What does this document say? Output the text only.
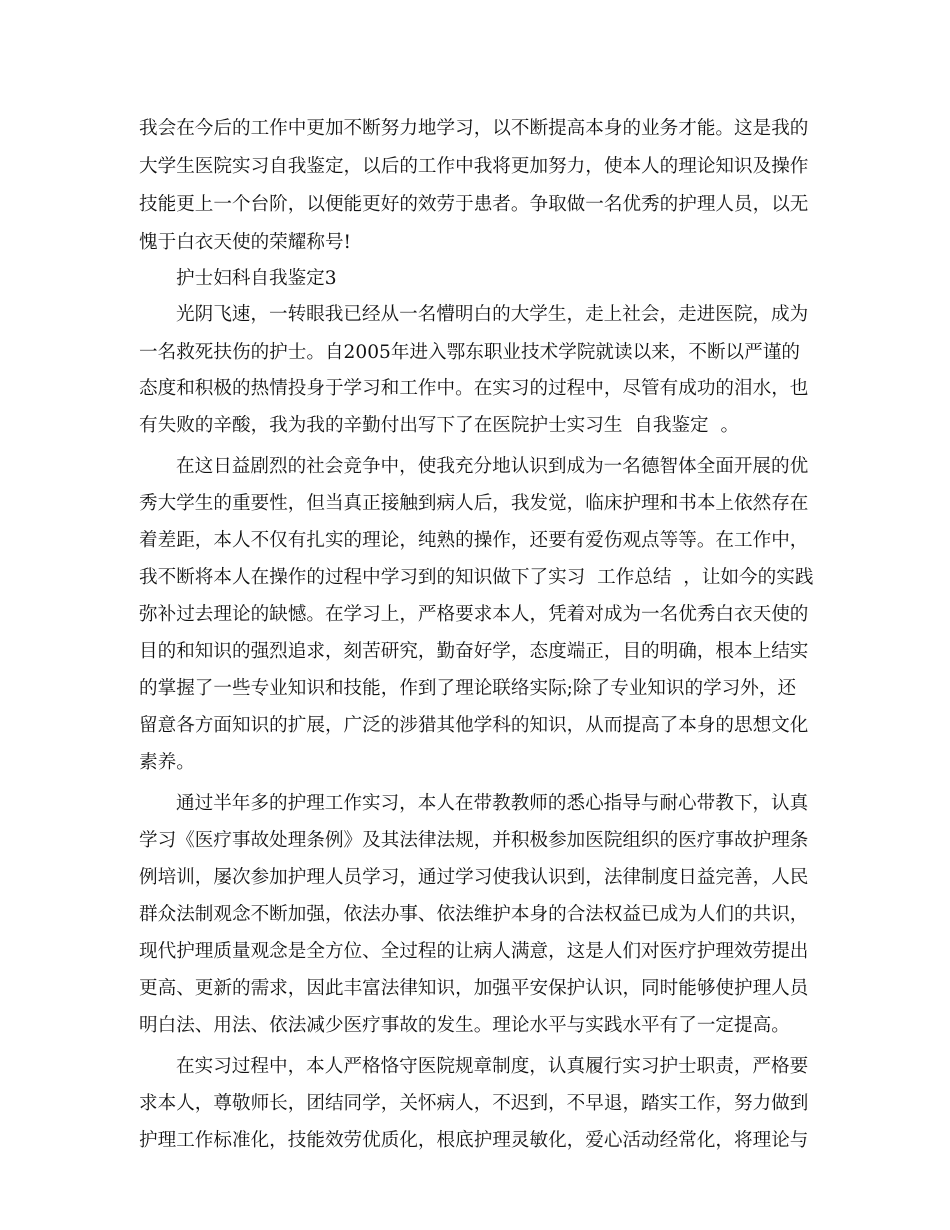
我会在今后的工作中更加不断努力地学习，以不断提高本身的业务才能。这是我的
大学生医院实习自我鉴定，以后的工作中我将更加努力，使本人的理论知识及操作
技能更上一个台阶，以便能更好的效劳于患者。争取做一名优秀的护理人员，以无
愧于白衣天使的荣耀称号!
护士妇科自我鉴定3
光阴飞速，一转眼我已经从一名懵明白的大学生，走上社会，走进医院，成为
一名救死扶伤的护士。自2005年进入鄂东职业技术学院就读以来，不断以严谨的
态度和积极的热情投身于学习和工作中。在实习的过程中，尽管有成功的泪水，也
有失败的辛酸，我为我的辛勤付出写下了在医院护士实习生  自我鉴定  。
在这日益剧烈的社会竞争中，使我充分地认识到成为一名德智体全面开展的优
秀大学生的重要性，但当真正接触到病人后，我发觉，临床护理和书本上依然存在
着差距，本人不仅有扎实的理论，纯熟的操作，还要有爱伤观点等等。在工作中，
我不断将本人在操作的过程中学习到的知识做下了实习  工作总结  ，让如今的实践
弥补过去理论的缺憾。在学习上，严格要求本人，凭着对成为一名优秀白衣天使的
目的和知识的强烈追求，刻苦研究，勤奋好学，态度端正，目的明确，根本上结实
的掌握了一些专业知识和技能，作到了理论联络实际;除了专业知识的学习外，还
留意各方面知识的扩展，广泛的涉猎其他学科的知识，从而提高了本身的思想文化
素养。
通过半年多的护理工作实习，本人在带教教师的悉心指导与耐心带教下，认真
学习《医疗事故处理条例》及其法律法规，并积极参加医院组织的医疗事故护理条
例培训，屡次参加护理人员学习，通过学习使我认识到，法律制度日益完善，人民
群众法制观念不断加强，依法办事、依法维护本身的合法权益已成为人们的共识，
现代护理质量观念是全方位、全过程的让病人满意，这是人们对医疗护理效劳提出
更高、更新的需求，因此丰富法律知识，加强平安保护认识，同时能够使护理人员
明白法、用法、依法减少医疗事故的发生。理论水平与实践水平有了一定提高。
在实习过程中，本人严格恪守医院规章制度，认真履行实习护士职责，严格要
求本人，尊敬师长，团结同学，关怀病人，不迟到，不早退，踏实工作，努力做到
护理工作标准化，技能效劳优质化，根底护理灵敏化，爱心活动经常化，将理论与
